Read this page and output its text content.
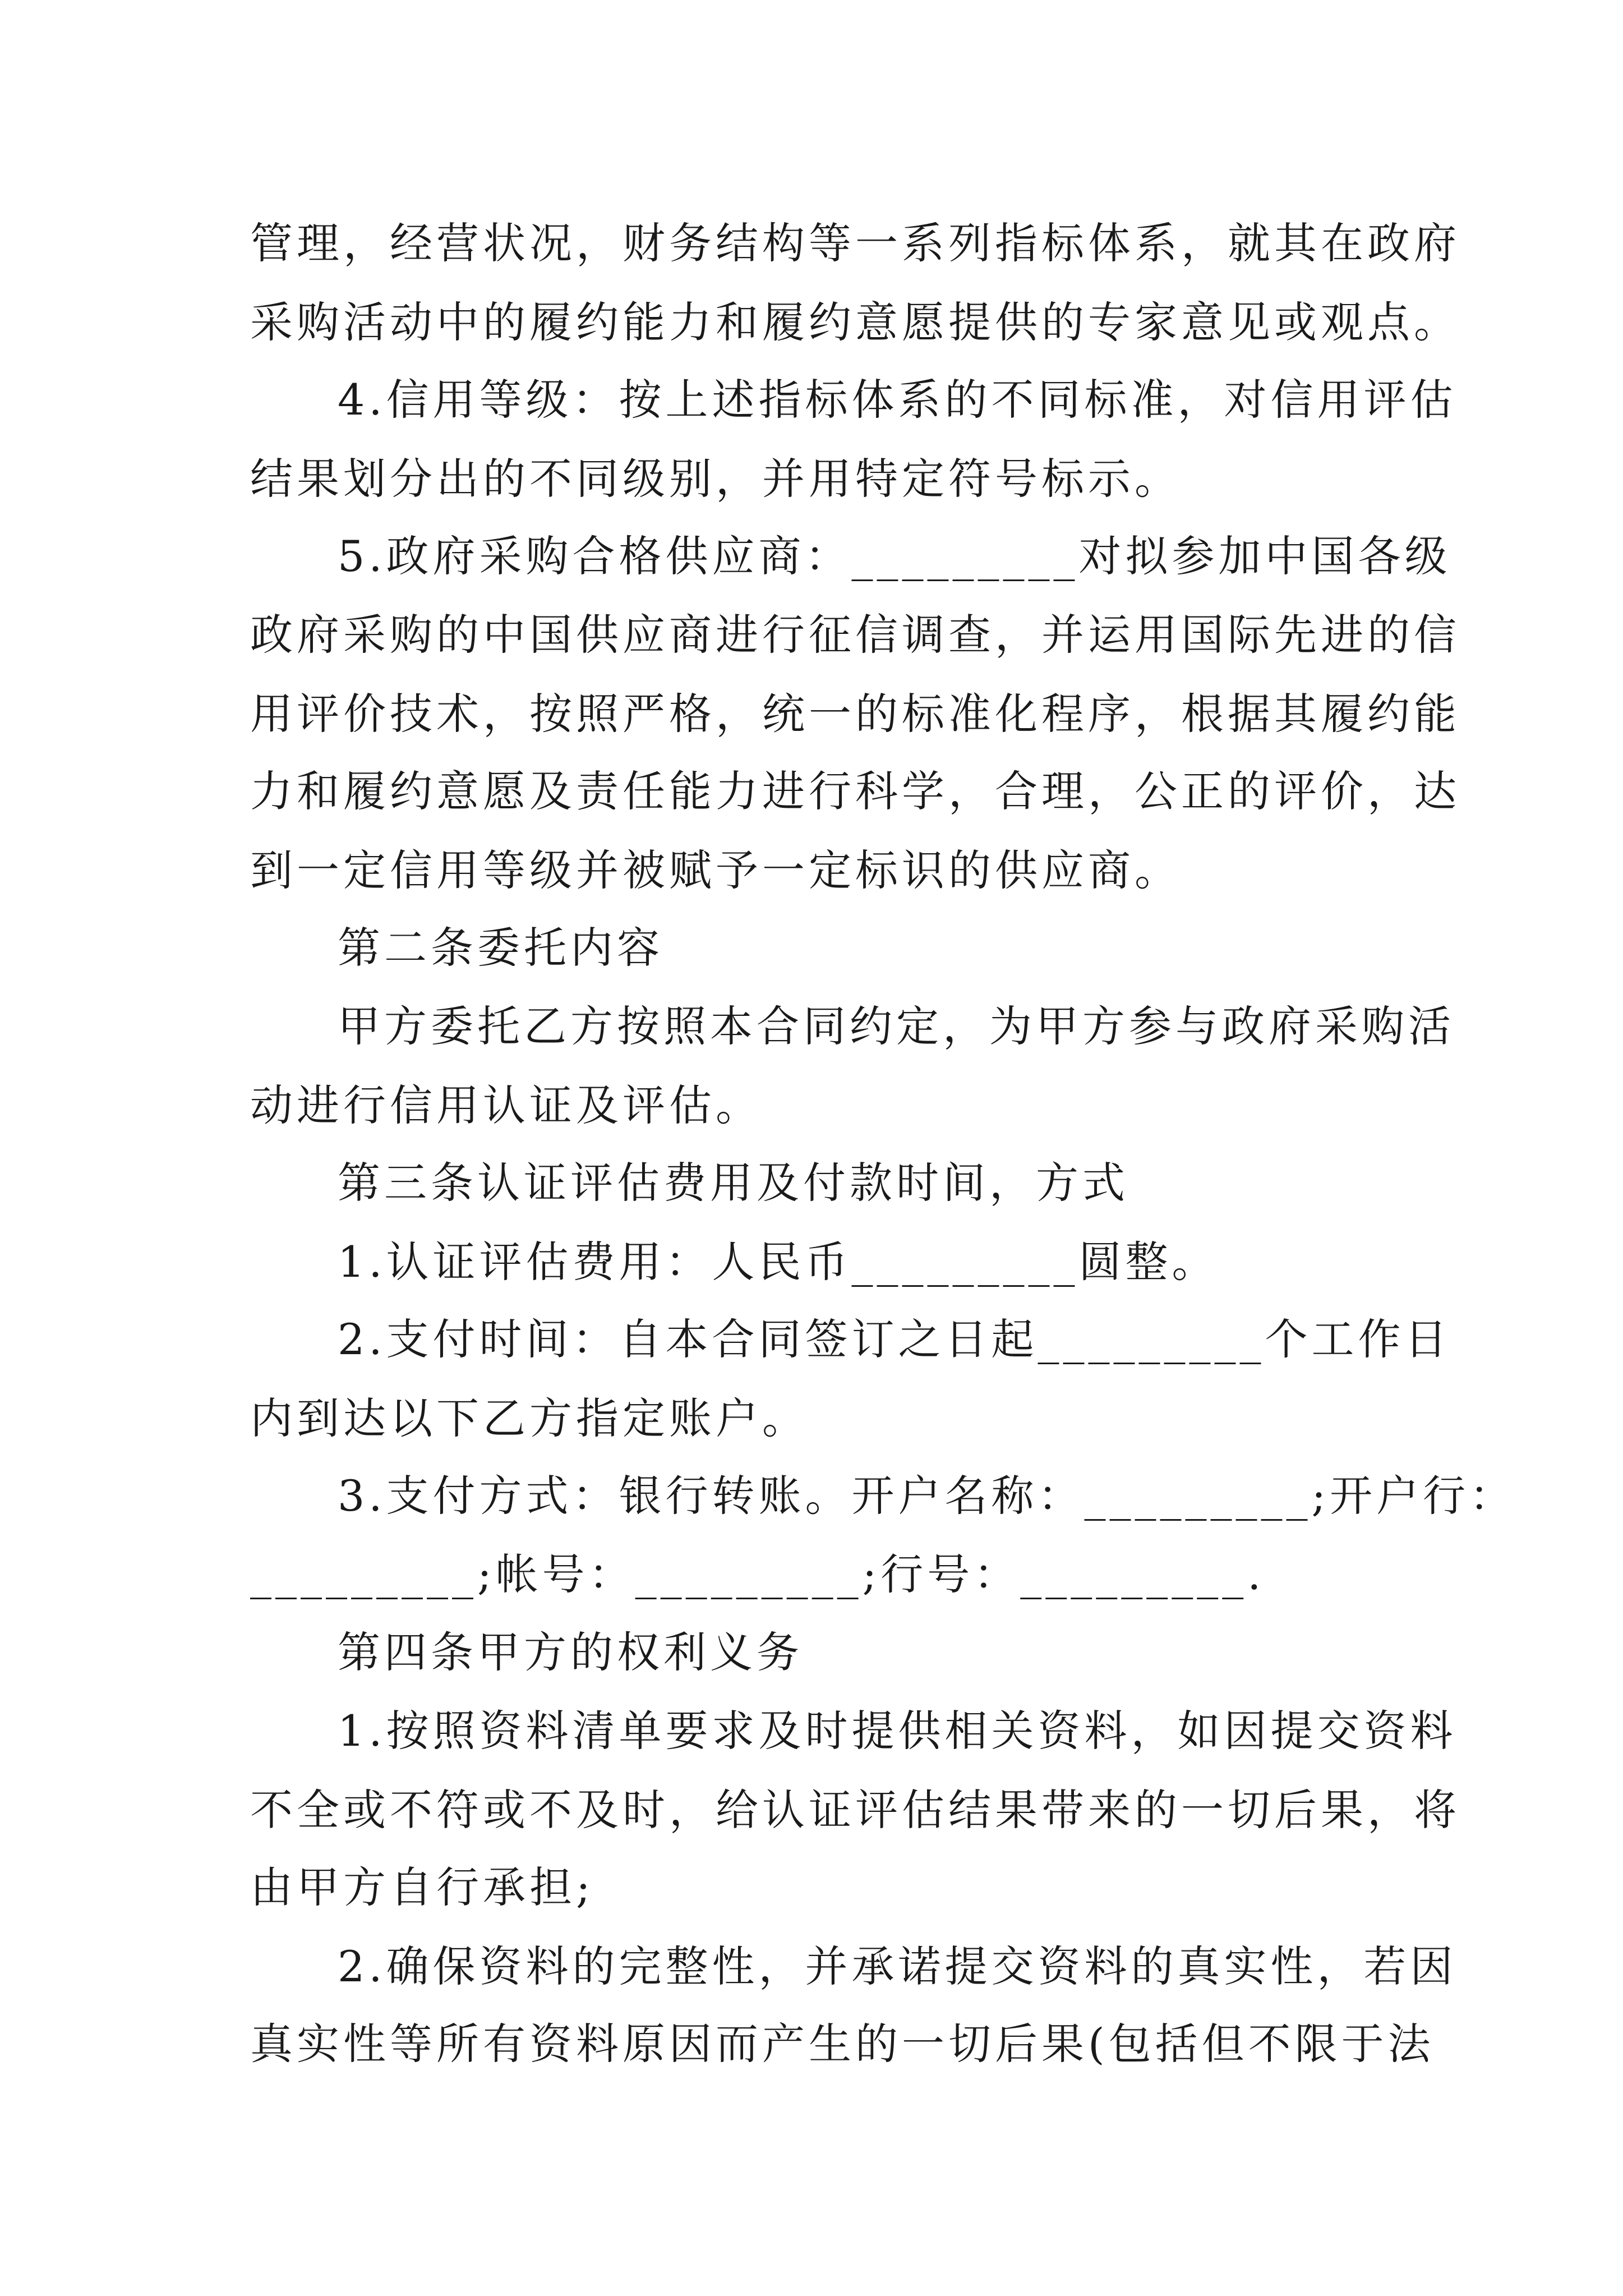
管理，经营状况，财务结构等一系列指标体系，就其在政府
采购活动中的履约能力和履约意愿提供的专家意见或观点。
4.信用等级：按上述指标体系的不同标准，对信用评估
结果划分出的不同级别，并用特定符号标示。
5.政府采购合格供应商：_________对拟参加中国各级
政府采购的中国供应商进行征信调查，并运用国际先进的信
用评价技术，按照严格，统一的标准化程序，根据其履约能
力和履约意愿及责任能力进行科学，合理，公正的评价，达
到一定信用等级并被赋予一定标识的供应商。
第二条委托内容
甲方委托乙方按照本合同约定，为甲方参与政府采购活
动进行信用认证及评估。
第三条认证评估费用及付款时间，方式
1.认证评估费用：人民币_________圆整。
2.支付时间：自本合同签订之日起_________个工作日
内到达以下乙方指定账户。
3.支付方式：银行转账。开户名称：_________;开户行：
_________;帐号：_________;行号：_________.
第四条甲方的权利义务
1.按照资料清单要求及时提供相关资料，如因提交资料
不全或不符或不及时，给认证评估结果带来的一切后果，将
由甲方自行承担;
2.确保资料的完整性，并承诺提交资料的真实性，若因
真实性等所有资料原因而产生的一切后果(包括但不限于法
